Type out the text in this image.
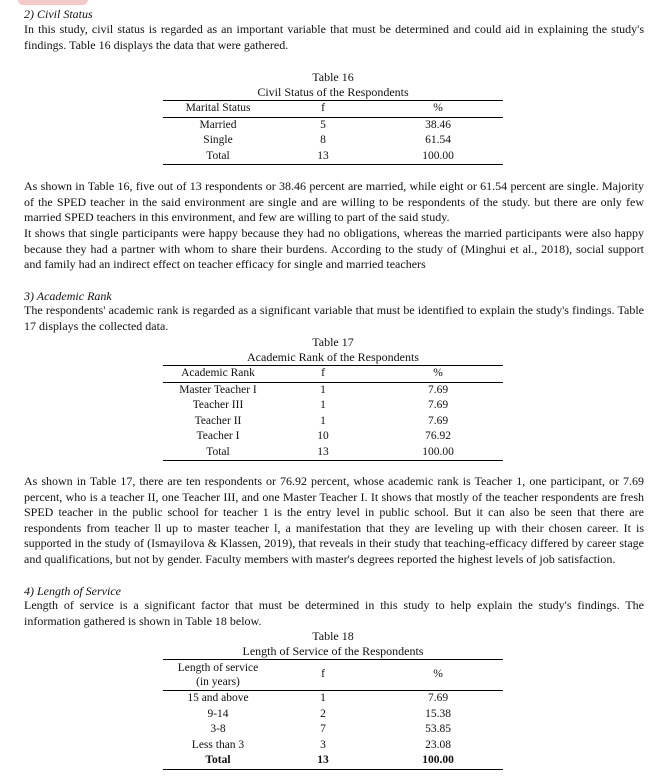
2) Civil Status

In this study, civil status is regarded as an important variable that must be determined and could aid in explaining the study's findings. Table 16 displays the data that were gathered.

Table 16
Civil Status of the Respondents
Marital Status	f	%
Married	5	38.46
Single	8	61.54
Total	13	100.00

As shown in Table 16, five out of 13 respondents or 38.46 percent are married, while eight or 61.54 percent are single. Majority of the SPED teacher in the said environment are single and are willing to be respondents of the study. but there are only few married SPED teachers in this environment, and few are willing to part of the said study.

It shows that single participants were happy because they had no obligations, whereas the married participants were also happy because they had a partner with whom to share their burdens. According to the study of (Minghui et al., 2018), social support and family had an indirect effect on teacher efficacy for single and married teachers

3) Academic Rank

The respondents' academic rank is regarded as a significant variable that must be identified to explain the study's findings. Table 17 displays the collected data.

Table 17
Academic Rank of the Respondents
Academic Rank	f	%
Master Teacher I	1	7.69
Teacher III	1	7.69
Teacher II	1	7.69
Teacher I	10	76.92
Total	13	100.00

As shown in Table 17, there are ten respondents or 76.92 percent, whose academic rank is Teacher 1, one participant, or 7.69 percent, who is a teacher II, one Teacher III, and one Master Teacher I. It shows that mostly of the teacher respondents are fresh SPED teacher in the public school for teacher 1 is the entry level in public school. But it can also be seen that there are respondents from teacher ll up to master teacher l, a manifestation that they are leveling up with their chosen career. It is supported in the study of (Ismayilova & Klassen, 2019), that reveals in their study that teaching-efficacy differed by career stage and qualifications, but not by gender. Faculty members with master's degrees reported the highest levels of job satisfaction.

4) Length of Service

Length of service is a significant factor that must be determined in this study to help explain the study's findings. The information gathered is shown in Table 18 below.

Table 18
Length of Service of the Respondents
Length of service
(in years)	f	%
15 and above	1	7.69
9-14	2	15.38
3-8	7	53.85
Less than 3	3	23.08
Total	13	100.00
